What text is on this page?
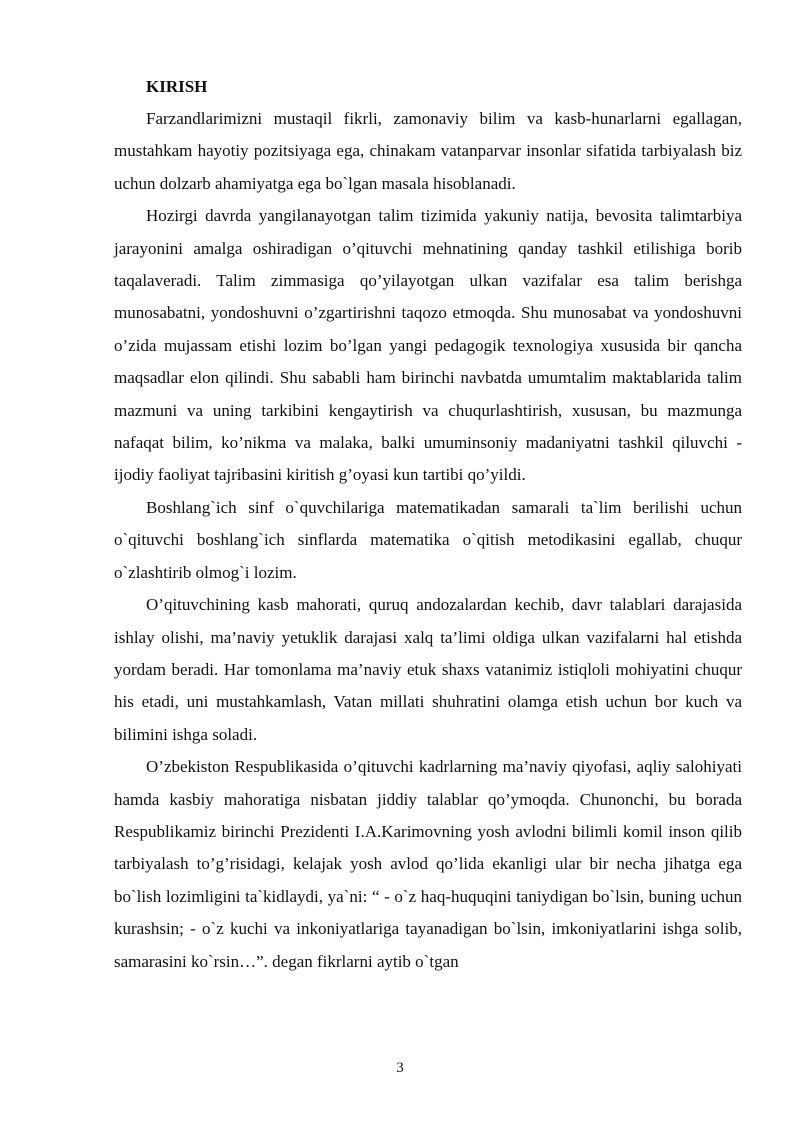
KIRISH

Farzandlarimizni mustaqil fikrli, zamonaviy bilim va kasb-hunarlarni egallagan, mustahkam hayotiy pozitsiyaga ega, chinakam vatanparvar insonlar sifatida tarbiyalash biz uchun dolzarb ahamiyatga ega bo`lgan masala hisoblanadi.

Hozirgi davrda yangilanayotgan talim tizimida yakuniy natija, bevosita talimtarbiya jarayonini amalga oshiradigan o’qituvchi mehnatining qanday tashkil etilishiga borib taqalaveradi. Talim zimmasiga qo’yilayotgan ulkan vazifalar esa talim berishga munosabatni, yondoshuvni o’zgartirishni taqozo etmoqda. Shu munosabat va yondoshuvni o’zida mujassam etishi lozim bo’lgan yangi pedagogik texnologiya xususida bir qancha maqsadlar elon qilindi. Shu sababli ham birinchi navbatda umumtalim maktablarida talim mazmuni va uning tarkibini kengaytirish va chuqurlashtirish, xususan, bu mazmunga nafaqat bilim, ko’nikma va malaka, balki umuminsoniy madaniyatni tashkil qiluvchi - ijodiy faoliyat tajribasini kiritish g’oyasi kun tartibi qo’yildi.

Boshlang`ich sinf o`quvchilariga matematikadan samarali ta`lim berilishi uchun o`qituvchi boshlang`ich sinflarda matematika o`qitish metodikasini egallab, chuqur o`zlashtirib olmog`i lozim.

O’qituvchining kasb mahorati, quruq andozalardan kechib, davr talablari darajasida ishlay olishi, ma’naviy yetuklik darajasi xalq ta’limi oldiga ulkan vazifalarni hal etishda yordam beradi. Har tomonlama ma’naviy etuk shaxs vatanimiz istiqloli mohiyatini chuqur his etadi, uni mustahkamlash, Vatan millati shuhratini olamga etish uchun bor kuch va bilimini ishga soladi.

O’zbekiston Respublikasida o’qituvchi kadrlarning ma’naviy qiyofasi, aqliy salohiyati hamda kasbiy mahoratiga nisbatan jiddiy talablar qo’ymoqda. Chunonchi, bu borada Respublikamiz birinchi Prezidenti I.A.Karimovning yosh avlodni bilimli komil inson qilib tarbiyalash to’g’risidagi, kelajak yosh avlod qo’lida ekanligi ular bir necha jihatga ega bo`lish lozimligini ta`kidlaydi, ya`ni: “ - o`z haq-huquqini taniydigan bo`lsin, buning uchun kurashsin; - o`z kuchi va inkoniyatlariga tayanadigan bo`lsin, imkoniyatlarini ishga solib, samarasini ko`rsin…”. degan fikrlarni aytib o`tgan

3
